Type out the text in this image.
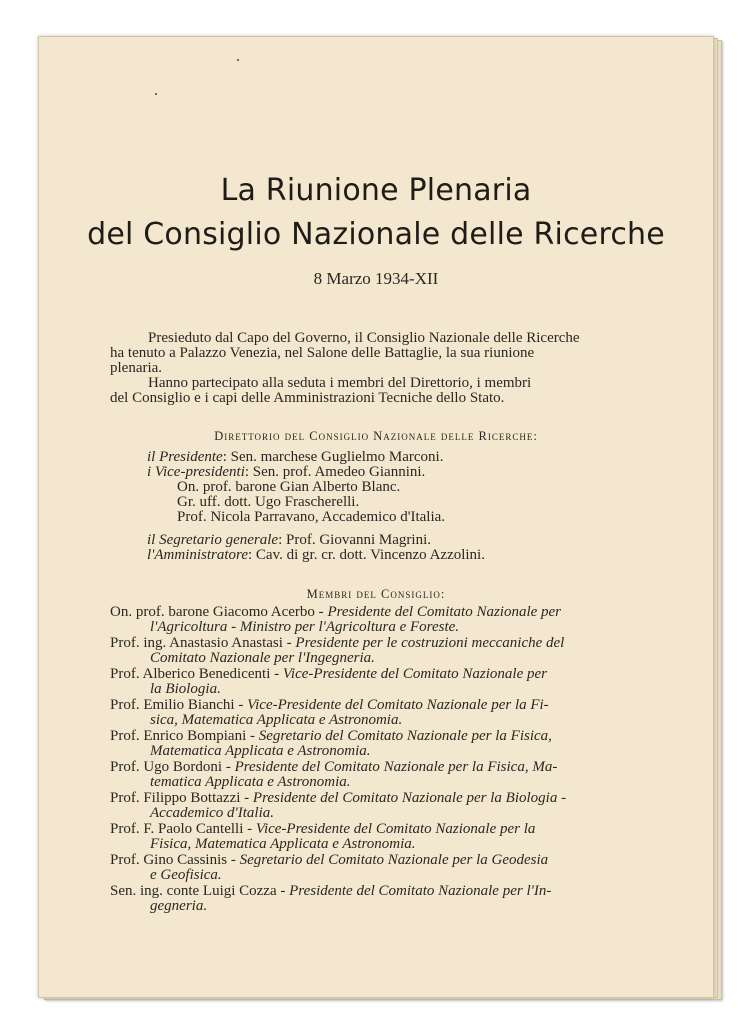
La Riunione Plenaria
del Consiglio Nazionale delle Ricerche
8 Marzo 1934-XII
Presieduto dal Capo del Governo, il Consiglio Nazionale delle Ricerche
ha tenuto a Palazzo Venezia, nel Salone delle Battaglie, la sua riunione
plenaria.
Hanno partecipato alla seduta i membri del Direttorio, i membri
del Consiglio e i capi delle Amministrazioni Tecniche dello Stato.
Direttorio del Consiglio Nazionale delle Ricerche:
il Presidente: Sen. marchese Guglielmo Marconi.
i Vice-presidenti: Sen. prof. Amedeo Giannini.
On. prof. barone Gian Alberto Blanc.
Gr. uff. dott. Ugo Frascherelli.
Prof. Nicola Parravano, Accademico d'Italia.
il Segretario generale: Prof. Giovanni Magrini.
l'Amministratore: Cav. di gr. cr. dott. Vincenzo Azzolini.
Membri del Consiglio:
On. prof. barone Giacomo Acerbo - Presidente del Comitato Nazionale per
l'Agricoltura - Ministro per l'Agricoltura e Foreste.
Prof. ing. Anastasio Anastasi - Presidente per le costruzioni meccaniche del
Comitato Nazionale per l'Ingegneria.
Prof. Alberico Benedicenti - Vice-Presidente del Comitato Nazionale per
la Biologia.
Prof. Emilio Bianchi - Vice-Presidente del Comitato Nazionale per la Fi-
sica, Matematica Applicata e Astronomia.
Prof. Enrico Bompiani - Segretario del Comitato Nazionale per la Fisica,
Matematica Applicata e Astronomia.
Prof. Ugo Bordoni - Presidente del Comitato Nazionale per la Fisica, Ma-
tematica Applicata e Astronomia.
Prof. Filippo Bottazzi - Presidente del Comitato Nazionale per la Biologia -
Accademico d'Italia.
Prof. F. Paolo Cantelli - Vice-Presidente del Comitato Nazionale per la
Fisica, Matematica Applicata e Astronomia.
Prof. Gino Cassinis - Segretario del Comitato Nazionale per la Geodesia
e Geofisica.
Sen. ing. conte Luigi Cozza - Presidente del Comitato Nazionale per l'In-
gegneria.
